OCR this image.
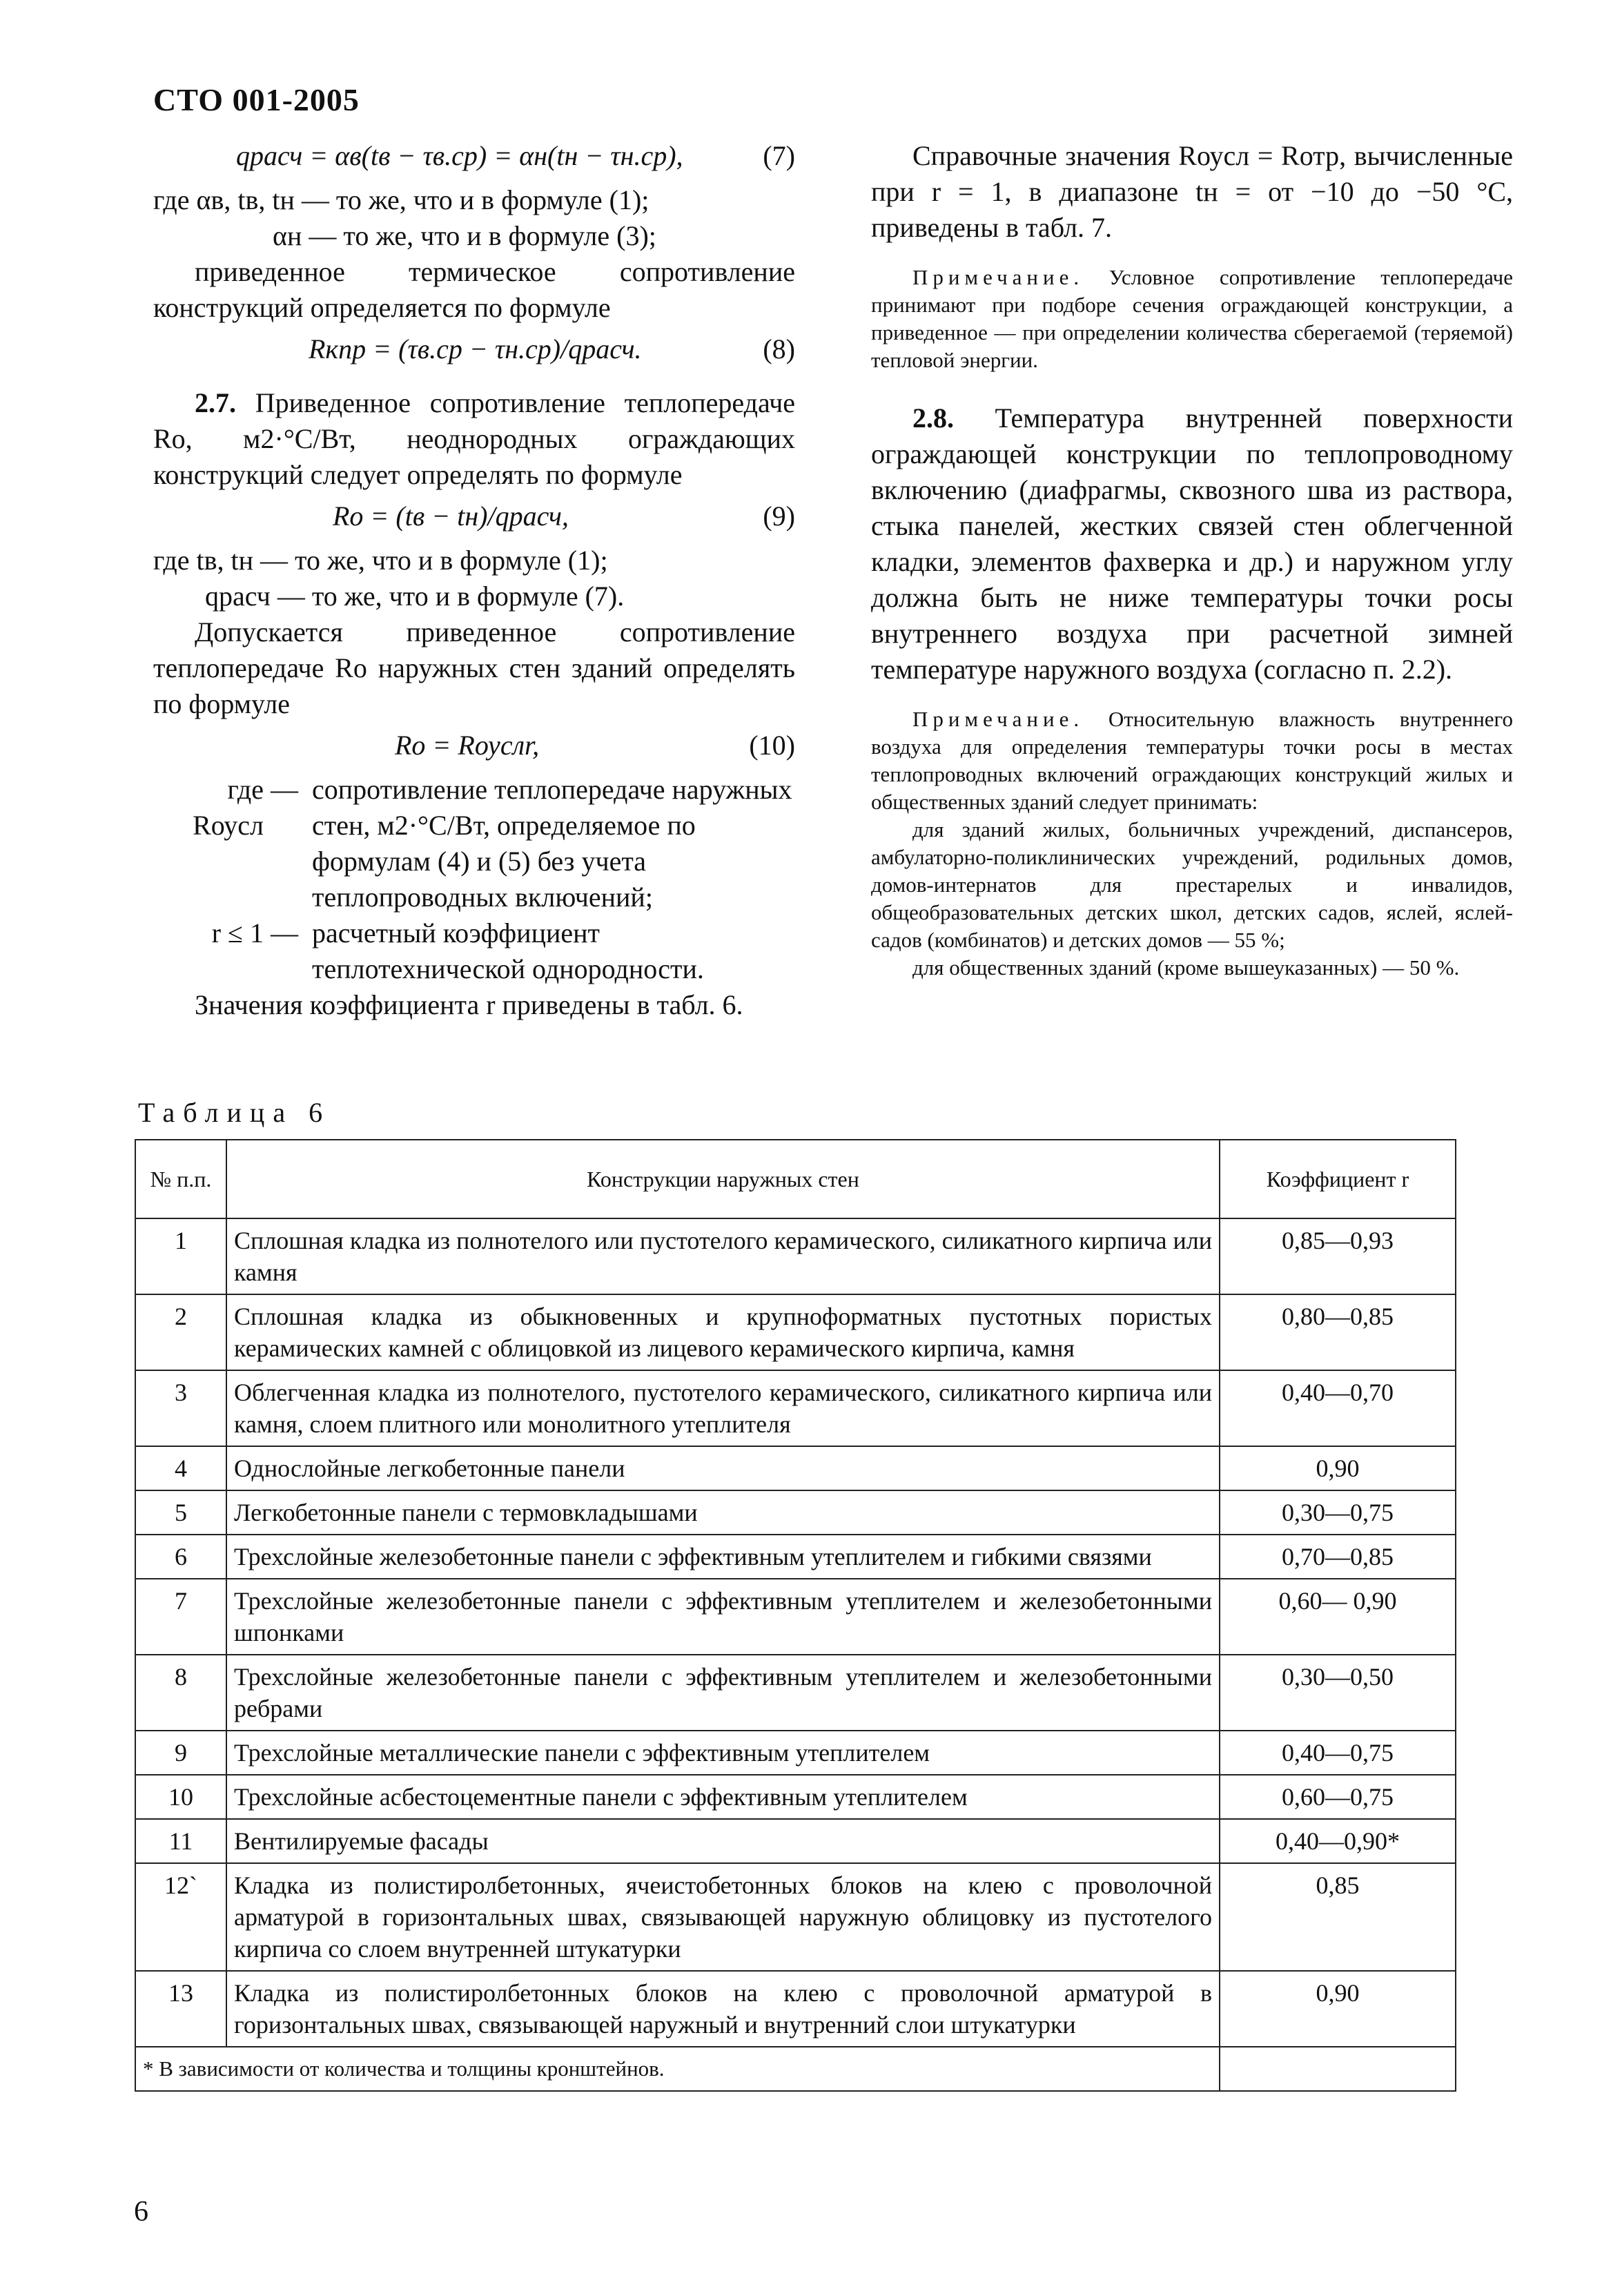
СТО 001-2005
qрасч = αв(tв − τв.ср) = αн(tн − τн.ср),	(7)
где αв, tв, tн — то же, что и в формуле (1);
αн — то же, что и в формуле (3);
приведенное термическое сопротивление конструкций определяется по формуле
Rкпр = (τв.ср − τн.ср)/qрасч.	(8)
2.7. Приведенное сопротивление теплопередаче Rо, м2·°С/Вт, неоднородных ограждающих конструкций следует определять по формуле
Rо = (tв − tн)/qрасч,	(9)
где tв, tн — то же, что и в формуле (1);
qрасч — то же, что и в формуле (7).
Допускается приведенное сопротивление теплопередаче Rо наружных стен зданий определять по формуле
Rо = Rоуслr,	(10)
где Rоусл
— сопротивление теплопередаче наружных стен, м2·°С/Вт, определяемое по формулам (4) и (5) без учета теплопроводных включений;
r ≤ 1 — расчетный коэффициент теплотехнической однородности.
Значения коэффициента r приведены в табл. 6.
Справочные значения Rоусл = Rотр, вычисленные при r = 1, в диапазоне tн = от −10 до −50 °С, приведены в табл. 7.
Примечание. Условное сопротивление теплопередаче принимают при подборе сечения ограждающей конструкции, а приведенное — при определении количества сберегаемой (теряемой) тепловой энергии.
2.8. Температура внутренней поверхности ограждающей конструкции по теплопроводному включению (диафрагмы, сквозного шва из раствора, стыка панелей, жестких связей стен облегченной кладки, элементов фахверка и др.) и наружном углу должна быть не ниже температуры точки росы внутреннего воздуха при расчетной зимней температуре наружного воздуха (согласно п. 2.2).
Примечание. Относительную влажность внутреннего воздуха для определения температуры точки росы в местах теплопроводных включений ограждающих конструкций жилых и общественных зданий следует принимать:
для зданий жилых, больничных учреждений, диспансеров, амбулаторно-поликлинических учреждений, родильных домов, домов-интернатов для престарелых и инвалидов, общеобразовательных детских школ, детских садов, яслей, яслей-садов (комбинатов) и детских домов — 55 %;
для общественных зданий (кроме вышеуказанных) — 50 %.
Таблица 6
№ п.п.	Конструкции наружных стен	Коэффициент r
1	Сплошная кладка из полнотелого или пустотелого керамического, силикатного кирпича или камня	0,85—0,93
2	Сплошная кладка из обыкновенных и крупноформатных пустотных пористых керамических камней с облицовкой из лицевого керамического кирпича, камня	0,80—0,85
3	Облегченная кладка из полнотелого, пустотелого керамического, силикатного кирпича или камня, слоем плитного или монолитного утеплителя	0,40—0,70
4	Однослойные легкобетонные панели	0,90
5	Легкобетонные панели с термовкладышами	0,30—0,75
6	Трехслойные железобетонные панели с эффективным утеплителем и гибкими связями	0,70—0,85
7	Трехслойные железобетонные панели с эффективным утеплителем и железобетонными шпонками	0,60— 0,90
8	Трехслойные железобетонные панели с эффективным утеплителем и железобетонными ребрами	0,30—0,50
9	Трехслойные металлические панели с эффективным утеплителем	0,40—0,75
10	Трехслойные асбестоцементные панели с эффективным утеплителем	0,60—0,75
11	Вентилируемые фасады	0,40—0,90*
12`	Кладка из полистиролбетонных, ячеистобетонных блоков на клею с проволочной арматурой в горизонтальных швах, связывающей наружную облицовку из пустотелого кирпича со слоем внутренней штукатурки	0,85
13	Кладка из полистиролбетонных блоков на клею с проволочной арматурой в горизонтальных швах, связывающей наружный и внутренний слои штукатурки	0,90
* В зависимости от количества и толщины кронштейнов.		
6
